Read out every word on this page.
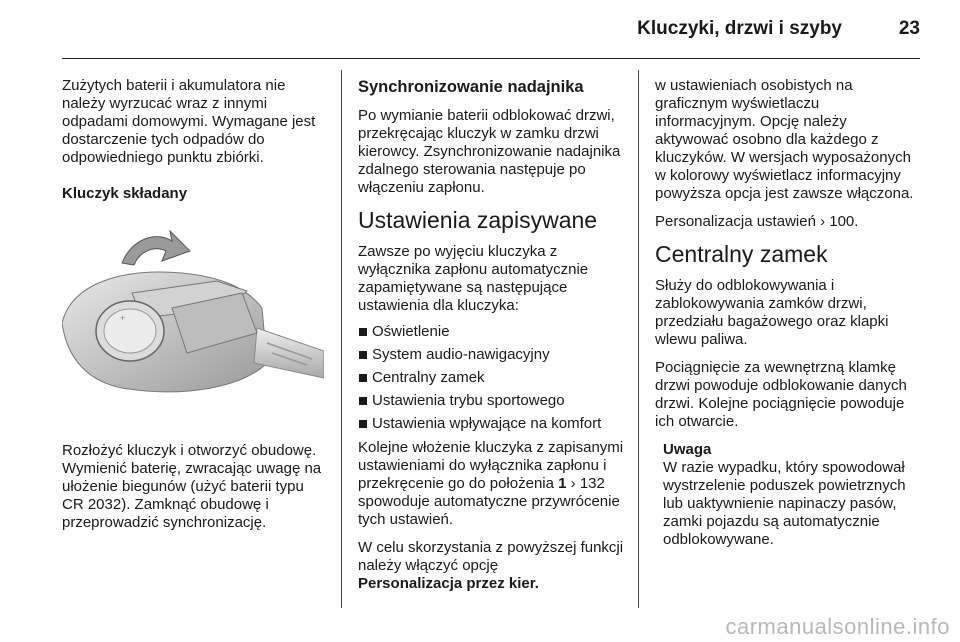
Kluczyki, drzwi i szyby	23

Zużytych baterii i akumulatora nie należy wyrzucać wraz z innymi odpadami domowymi. Wymagane jest dostarczenie tych odpadów do odpowiedniego punktu zbiórki.

Kluczyk składany

+

Rozłożyć kluczyk i otworzyć obudowę. Wymienić baterię, zwracając uwagę na ułożenie biegunów (użyć baterii typu CR 2032). Zamknąć obudowę i przeprowadzić synchronizację.

Synchronizowanie nadajnika

Po wymianie baterii odblokować drzwi, przekręcając kluczyk w zamku drzwi kierowcy. Zsynchronizowanie nadajnika zdalnego sterowania następuje po włączeniu zapłonu.

Ustawienia zapisywane

Zawsze po wyjęciu kluczyka z wyłącznika zapłonu automatycznie zapamiętywane są następujące ustawienia dla kluczyka:

Oświetlenie
System audio-nawigacyjny
Centralny zamek
Ustawienia trybu sportowego
Ustawienia wpływające na komfort

Kolejne włożenie kluczyka z zapisanymi ustawieniami do wyłącznika zapłonu i przekręcenie go do położenia 1 › 132 spowoduje automatyczne przywrócenie tych ustawień.

W celu skorzystania z powyższej funkcji należy włączyć opcję
Personalizacja przez kier.

w ustawieniach osobistych na graficznym wyświetlaczu informacyjnym. Opcję należy aktywować osobno dla każdego z kluczyków. W wersjach wyposażonych w kolorowy wyświetlacz informacyjny powyższa opcja jest zawsze włączona.

Personalizacja ustawień › 100.

Centralny zamek

Służy do odblokowywania i zablokowywania zamków drzwi, przedziału bagażowego oraz klapki wlewu paliwa.

Pociągnięcie za wewnętrzną klamkę drzwi powoduje odblokowanie danych drzwi. Kolejne pociągnięcie powoduje ich otwarcie.

Uwaga
W razie wypadku, który spowodował wystrzelenie poduszek powietrznych lub uaktywnienie napinaczy pasów, zamki pojazdu są automatycznie odblokowywane.
carmanualsonline.info
